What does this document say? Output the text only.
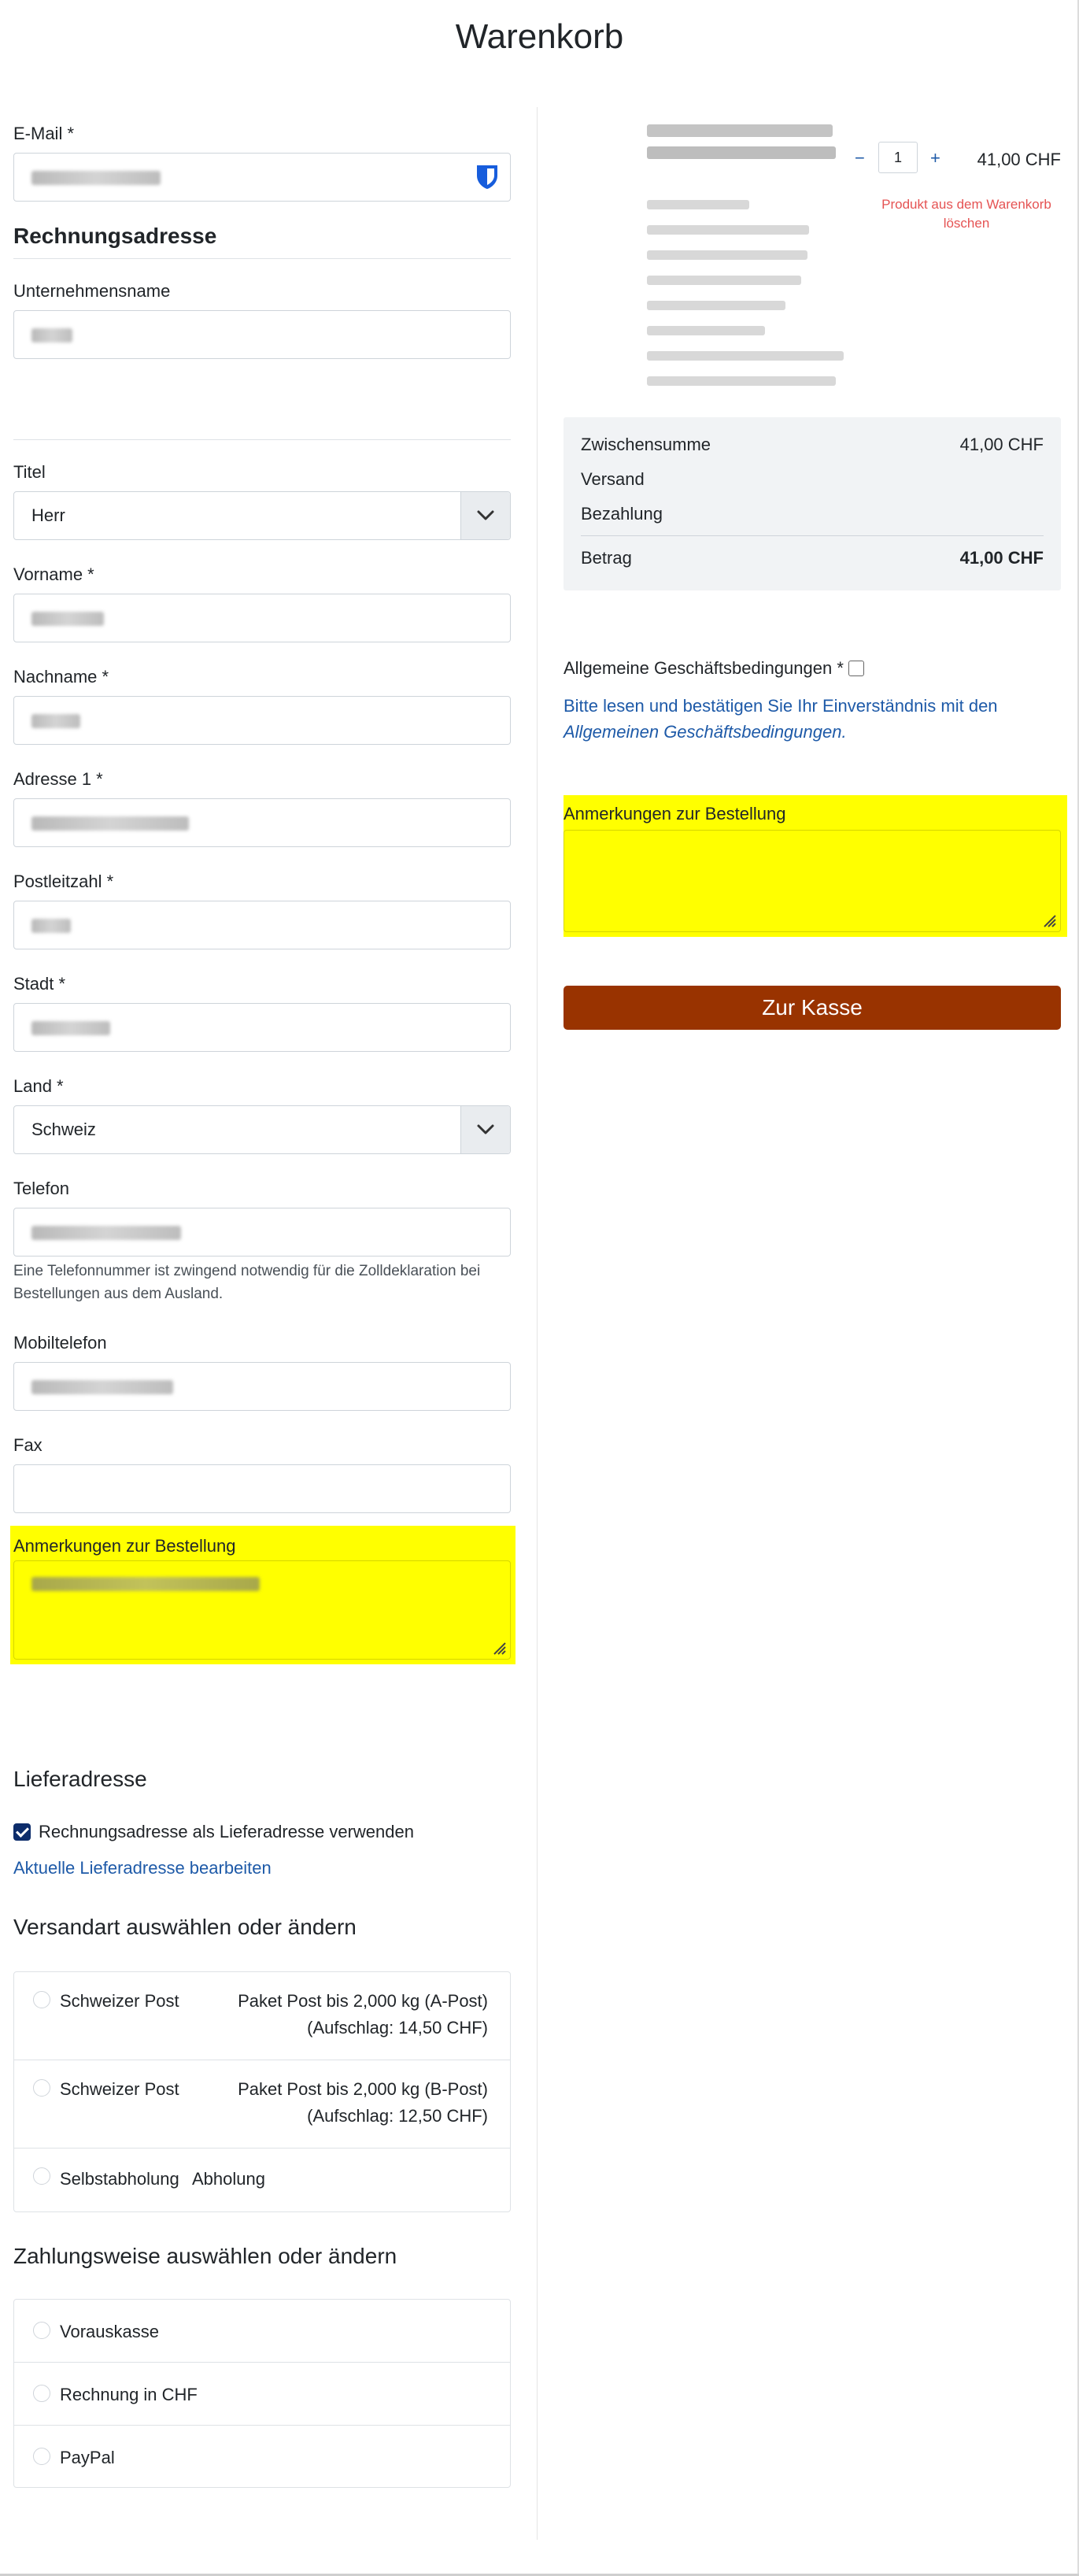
Warenkorb
E-Mail *
Rechnungsadresse
Unternehmensname
Titel
Herr
Vorname *
Nachname *
Adresse 1 *
Postleitzahl *
Stadt *
Land *
Schweiz
Telefon
Eine Telefonnummer ist zwingend notwendig für die Zolldeklaration bei Bestellungen aus dem Ausland.
Mobiltelefon
Fax
Anmerkungen zur Bestellung
Lieferadresse
Rechnungsadresse als Lieferadresse verwenden
Aktuelle Lieferadresse bearbeiten
Versandart auswählen oder ändern
Schweizer Post	Paket Post bis 2,000 kg (A-Post)
(Aufschlag: 14,50 CHF)
Schweizer Post	Paket Post bis 2,000 kg (B-Post)
(Aufschlag: 12,50 CHF)
Selbstabholung Abholung
Zahlungsweise auswählen oder ändern
Vorauskasse
Rechnung in CHF
PayPal
−	1	+ 41,00 CHF
Produkt aus dem Warenkorb löschen
Zwischensumme	41,00 CHF
Versand
Bezahlung
Betrag	41,00 CHF
Allgemeine Geschäftsbedingungen *
Bitte lesen und bestätigen Sie Ihr Einverständnis mit den
Allgemeinen Geschäftsbedingungen.
Anmerkungen zur Bestellung
Zur Kasse
